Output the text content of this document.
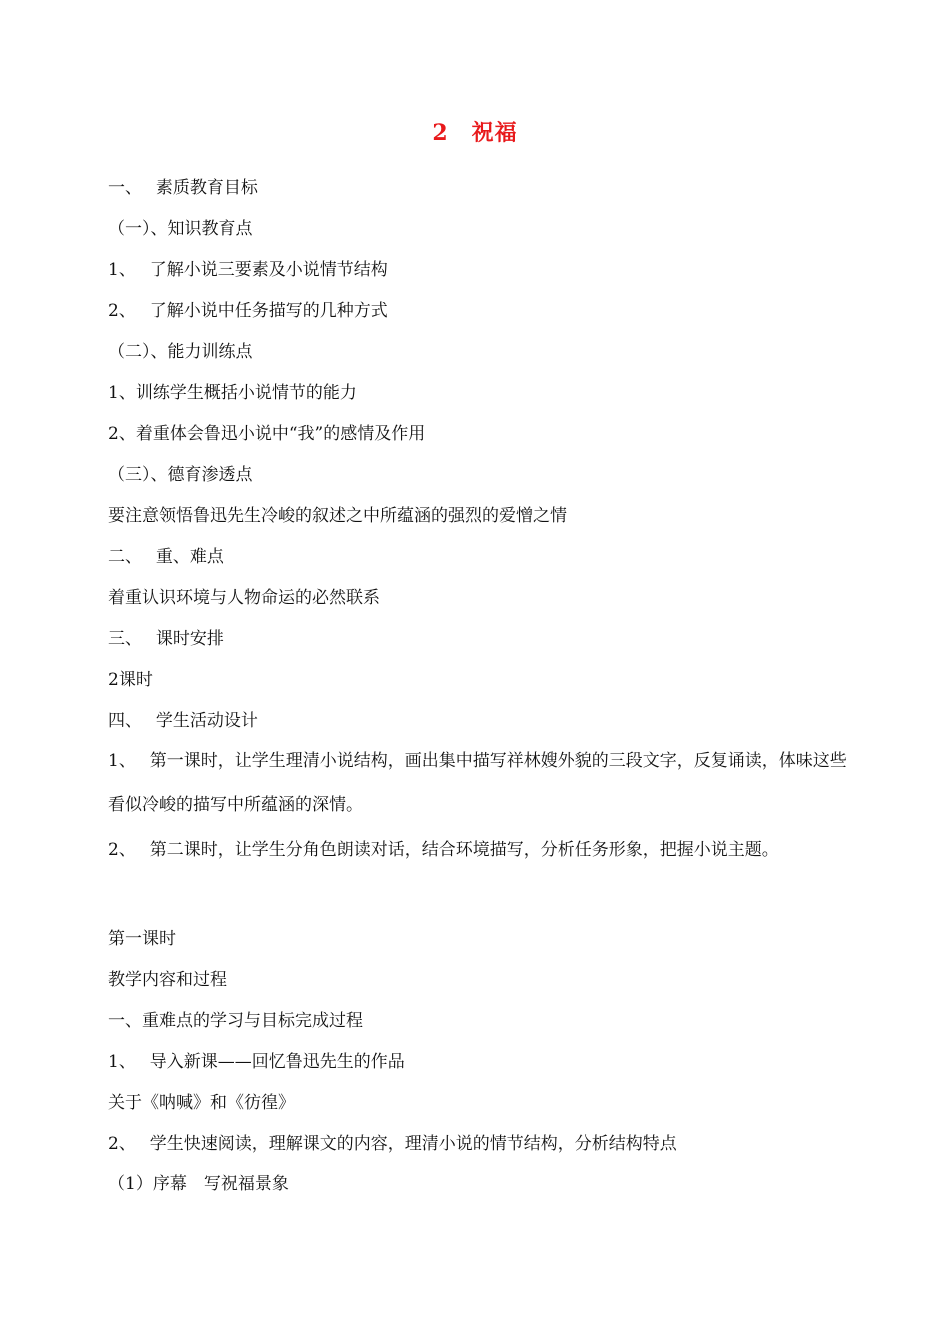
2　祝福
一、　 素质教育目标
（一）、知识教育点
1、　 了解小说三要素及小说情节结构
2、　 了解小说中任务描写的几种方式
（二）、能力训练点
1、训练学生概括小说情节的能力
2、着重体会鲁迅小说中“我”的感情及作用
（三）、德育渗透点
要注意领悟鲁迅先生冷峻的叙述之中所蕴涵的强烈的爱憎之情
二、　 重、难点
着重认识环境与人物命运的必然联系
三、　 课时安排
2课时
四、　 学生活动设计

1、　 第一课时，让学生理清小说结构，画出集中描写祥林嫂外貌的三段文字，反复诵读，体味这些看似冷峻的描写中所蕴涵的深情。

2、　 第二课时，让学生分角色朗读对话，结合环境描写，分析任务形象，把握小说主题。

第一课时
教学内容和过程
一、重难点的学习与目标完成过程
1、　 导入新课——回忆鲁迅先生的作品
关于《呐喊》和《彷徨》
2、　 学生快速阅读，理解课文的内容，理清小说的情节结构，分析结构特点
（1）序幕　写祝福景象
